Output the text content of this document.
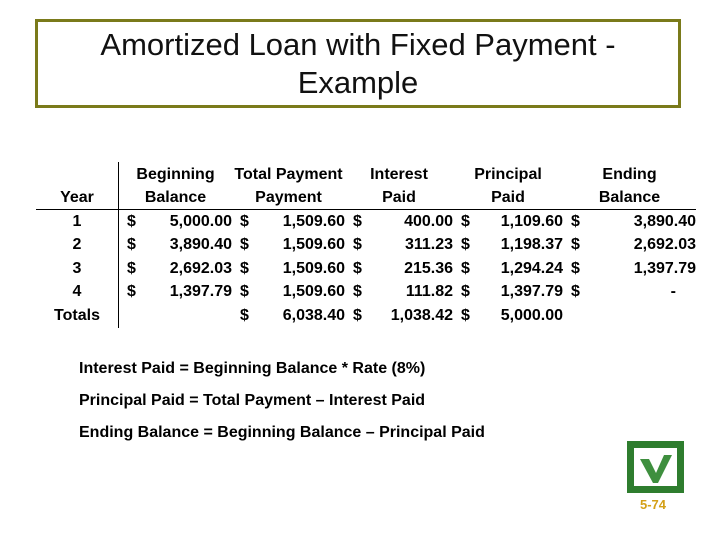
Amortized Loan with Fixed Payment - Example
	Beginning		Total Payment		Interest		Principal		Ending	
Year	Balance		Payment		Paid		Paid		Balance	
1	$	5,000.00	$	1,509.60	$	400.00	$	1,109.60	$	3,890.40
2	$	3,890.40	$	1,509.60	$	311.23	$	1,198.37	$	2,692.03
3	$	2,692.03	$	1,509.60	$	215.36	$	1,294.24	$	1,397.79
4	$	1,397.79	$	1,509.60	$	111.82	$	1,397.79	$	-
Totals			$	6,038.40	$	1,038.42	$	5,000.00		
Interest Paid = Beginning Balance * Rate (8%)
Principal Paid = Total Payment – Interest Paid
Ending Balance = Beginning Balance – Principal Paid
5-74
